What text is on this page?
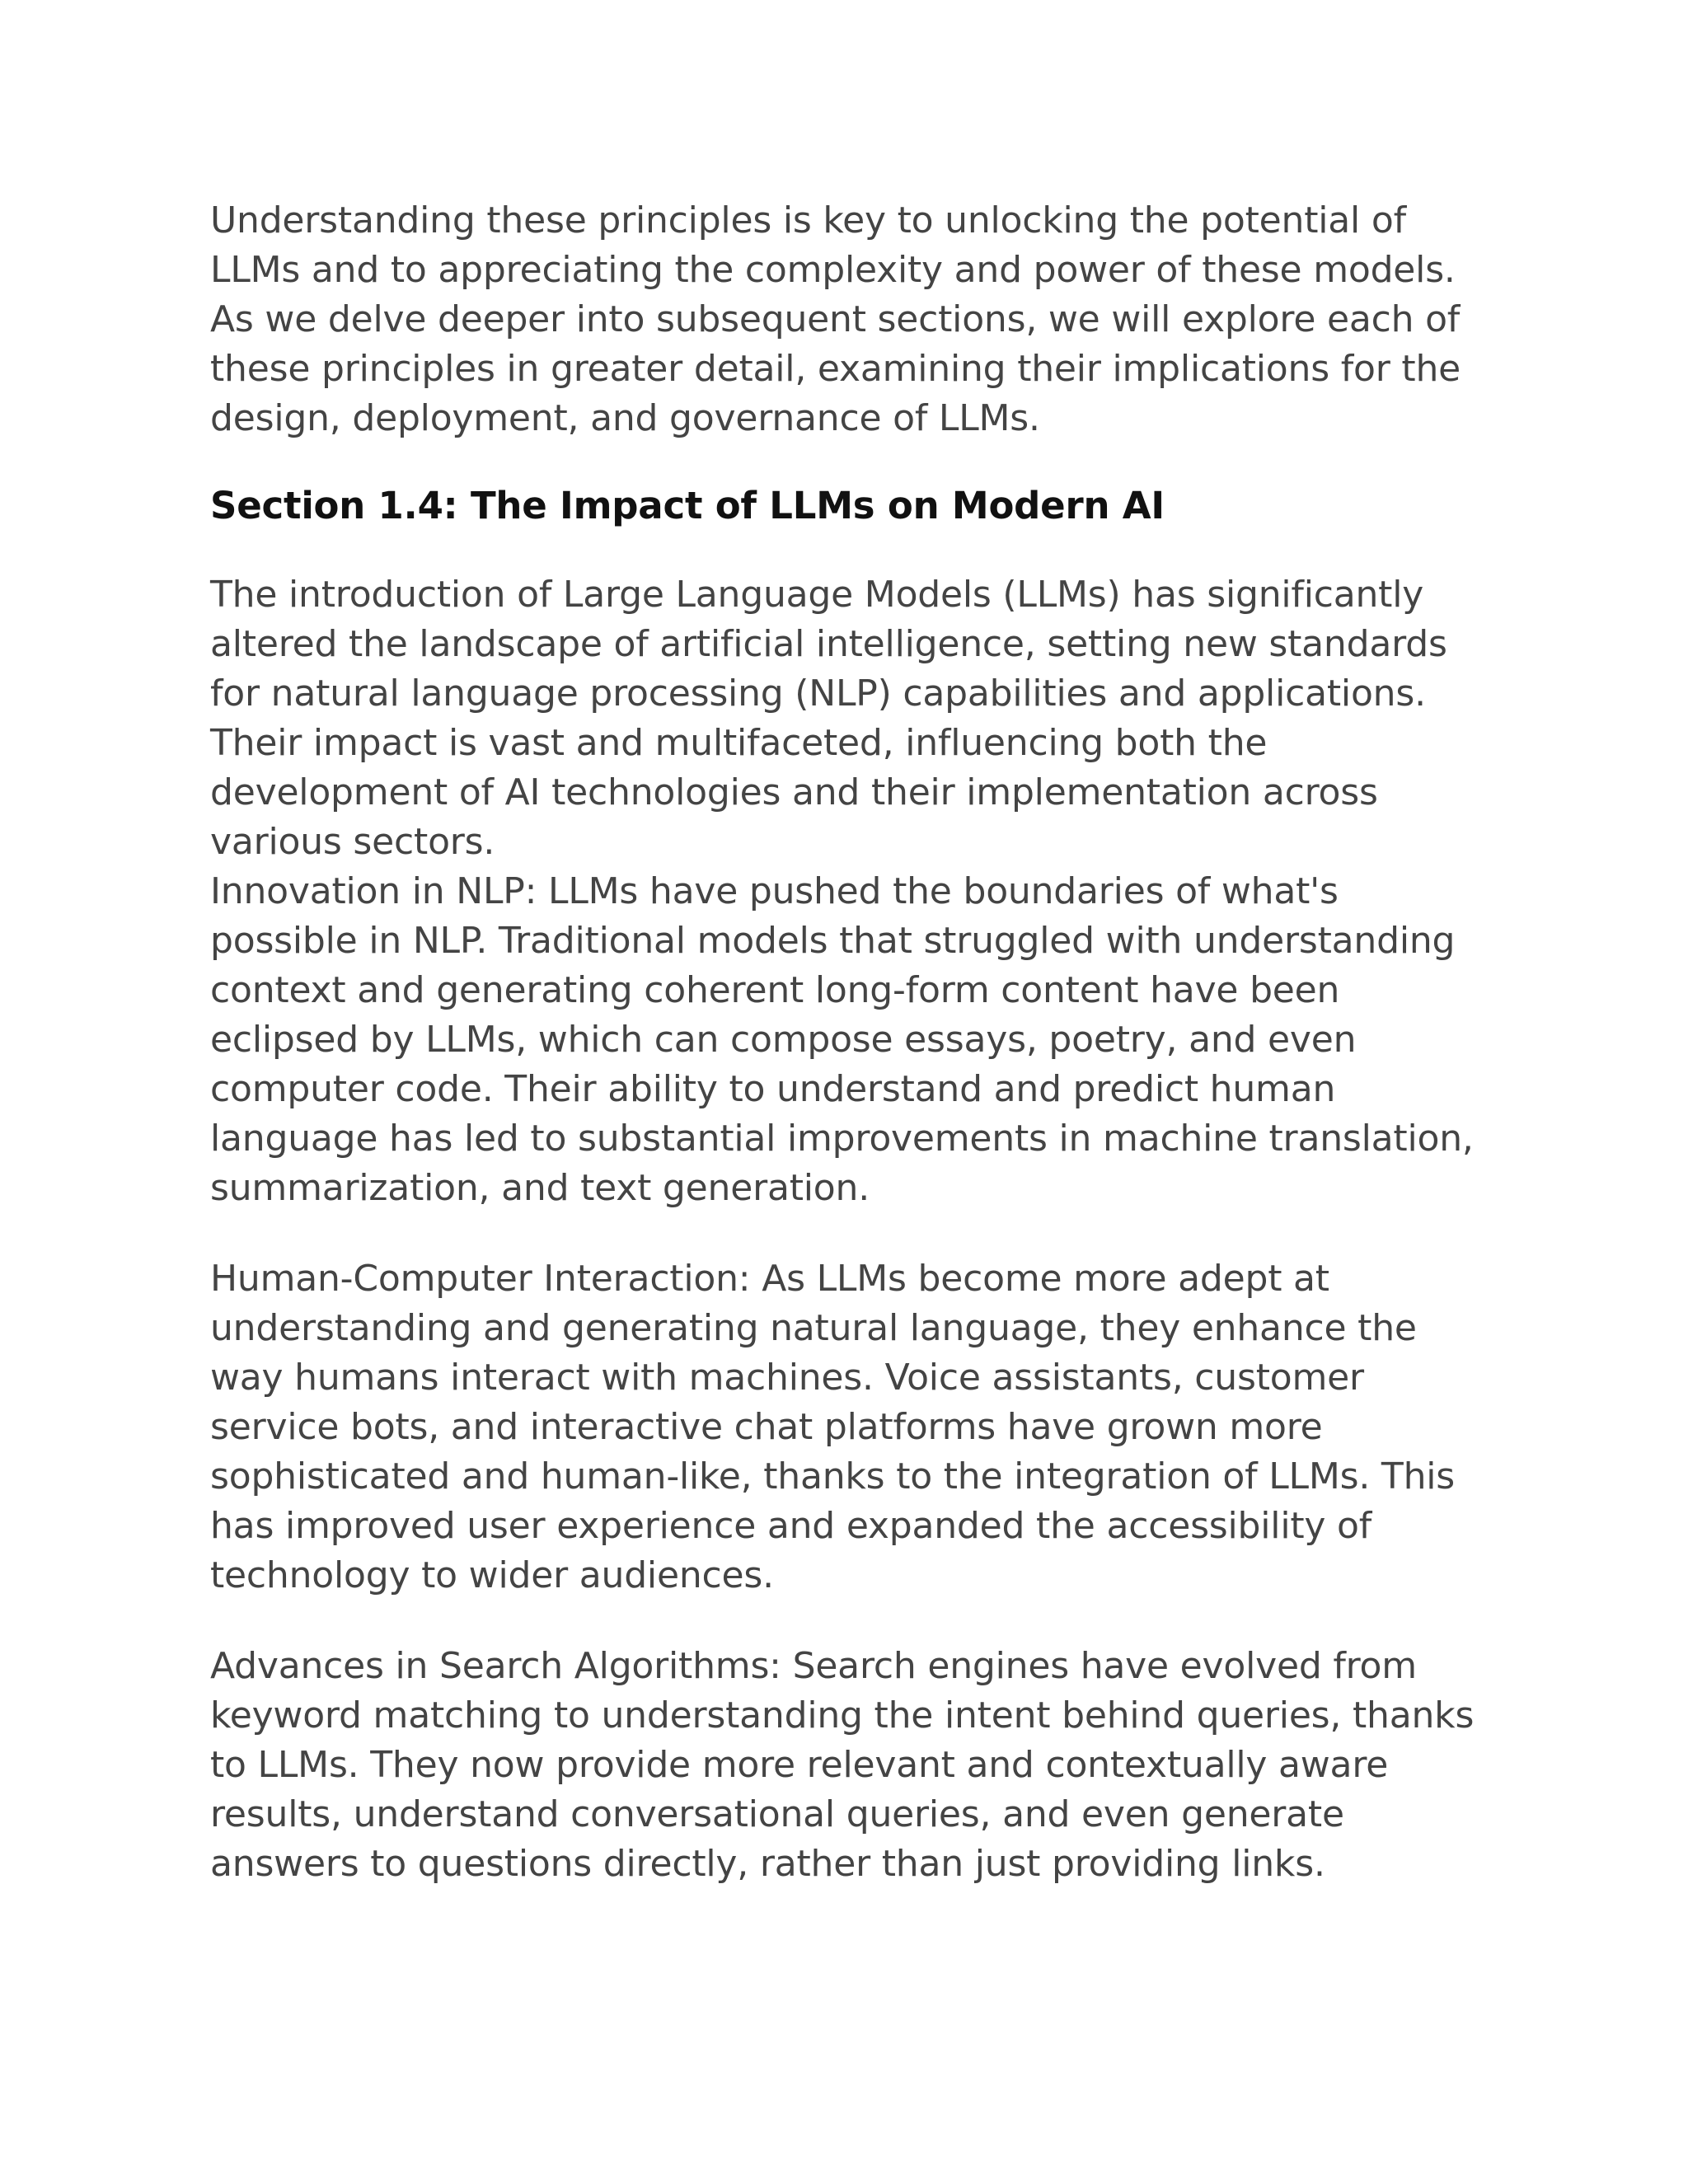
Understanding these principles is key to unlocking the potential of LLMs and to appreciating the complexity and power of these models. As we delve deeper into subsequent sections, we will explore each of these principles in greater detail, examining their implications for the design, deployment, and governance of LLMs.

Section 1.4: The Impact of LLMs on Modern AI

The introduction of Large Language Models (LLMs) has significantly altered the landscape of artificial intelligence, setting new standards for natural language processing (NLP) capabilities and applications. Their impact is vast and multifaceted, influencing both the development of AI technologies and their implementation across various sectors.

Innovation in NLP: LLMs have pushed the boundaries of what's possible in NLP. Traditional models that struggled with understanding context and generating coherent long-form content have been eclipsed by LLMs, which can compose essays, poetry, and even computer code. Their ability to understand and predict human language has led to substantial improvements in machine translation, summarization, and text generation.

Human-Computer Interaction: As LLMs become more adept at understanding and generating natural language, they enhance the way humans interact with machines. Voice assistants, customer service bots, and interactive chat platforms have grown more sophisticated and human-like, thanks to the integration of LLMs. This has improved user experience and expanded the accessibility of technology to wider audiences.

Advances in Search Algorithms: Search engines have evolved from keyword matching to understanding the intent behind queries, thanks to LLMs. They now provide more relevant and contextually aware results, understand conversational queries, and even generate answers to questions directly, rather than just providing links.
